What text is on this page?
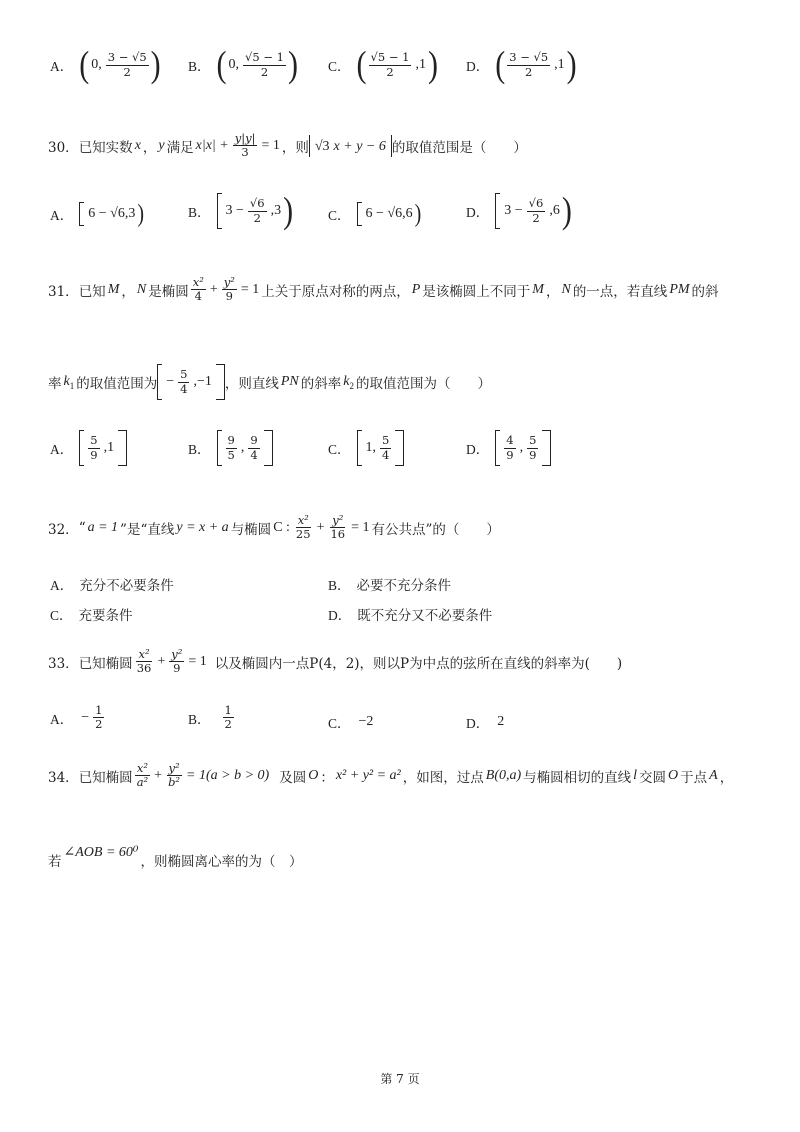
A． ( 0, $\frac{3 - √5}{2}$ ) B． ( 0, $\frac{√5 - 1}{2}$ ) C． ( $\frac{√5 - 1}{2} ,1$ ) D． ( $\frac{3 - √5}{2} ,1$ )
30． 已知实数 x ， y 满足 $x|x| + \frac{y|y|}{3} = 1$ ，则 √3 x + y − 6 的取值范围是（　　）
A． 6 − √6,3 )	B． $3 - \frac{√6}{2} ,3$ )	C． 6 − √6,6 )	D． $3 - \frac{√6}{2} ,6$ )
31． 已知 M ， N 是椭圆 $\frac{\text{x²}}{4} + \frac{\text{y²}}{9} = 1$ 上关于原点对称的两点， P 是该椭圆上不同于 M ， N 的一点，若直线 PM 的斜
率 $k_1$ 的取值范围为 − $\frac{5}{4} ,-1$ ，则直线 PN 的斜率 $k_2$ 的取值范围为（　　）
A． $\frac{5}{9} ,1$	B． $\frac{9}{5}$ , $\frac{9}{4}$	C． 1, $\frac{5}{4}$	D． $\frac{4}{9}$ , $\frac{5}{9}$
32． “ a = 1 ”是“直线 y = x + a 与椭圆 C : $\frac{\text{x²}}{25} + \frac{\text{y²}}{16} = 1$ 有公共点”的（　　）
A． 充分不必要条件	B． 必要不充分条件
C． 充要条件	D． 既不充分又不必要条件
33． 已知椭圆 $\frac{\text{x²}}{36} + \frac{\text{y²}}{9} = 1$ 以及椭圆内一点P(4，2)，则以P为中点的弦所在直线的斜率为(　　)
A． − $\frac{1}{2}$	B． $\frac{1}{2}$	C． −2	D． 2
34． 已知椭圆 $\frac{\text{x²}}{\text{a²}} + \frac{\text{y²}}{\text{b²}} = 1(a > b > 0)$ 及圆 O ： x² + y² = a² ，如图，过点 B(0,a) 与椭圆相切的直线 l 交圆 O 于点 A ，
若
∠AOB = 60⁰
，则椭圆离心率的为（　）
第 7 页
